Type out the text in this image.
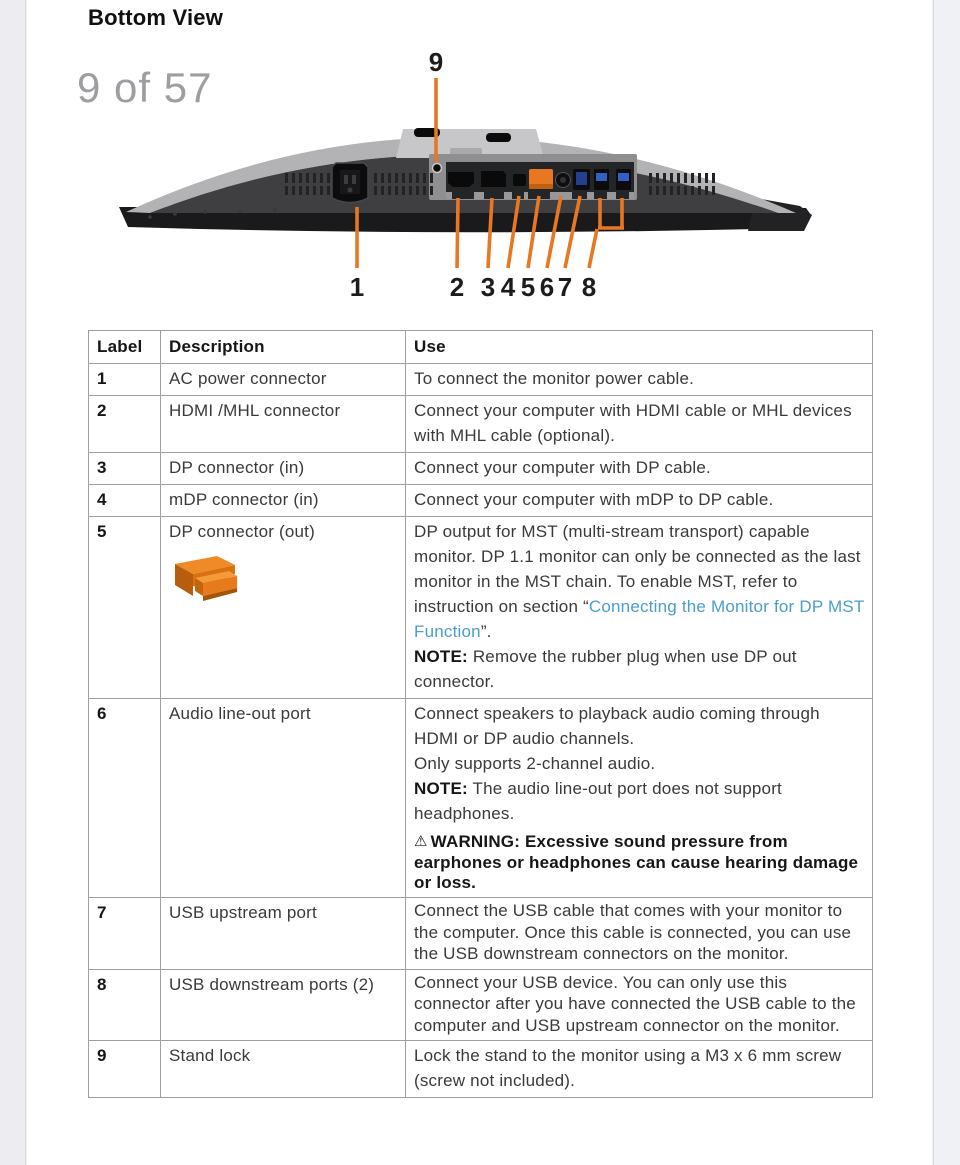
Bottom View
9 of 57
9
1	2 3 4 5 6 7 8
Label	Description	Use
1	AC power connector	To connect the monitor power cable.

2	HDMI /MHL connector	Connect your computer with HDMI cable or MHL devices with MHL cable (optional).

3	DP connector (in)	Connect your computer with DP cable.

4	mDP connector (in)	Connect your computer with mDP to DP cable.

5	DP connector (out)	DP output for MST (multi-stream transport) capable monitor. DP 1.1 monitor can only be connected as the last monitor in the MST chain. To enable MST, refer to instruction on section “Connecting the Monitor for DP MST Function”.

NOTE: Remove the rubber plug when use DP out connector.

6	Audio line-out port	Connect speakers to playback audio coming through HDMI or DP audio channels.

Only supports 2-channel audio.

NOTE: The audio line-out port does not support headphones.

⚠ WARNING: Excessive sound pressure from earphones or headphones can cause hearing damage or loss.

7	USB upstream port	Connect the USB cable that comes with your monitor to the computer. Once this cable is connected, you can use the USB downstream connectors on the monitor.

8	USB downstream ports (2)	Connect your USB device. You can only use this connector after you have connected the USB cable to the computer and USB upstream connector on the monitor.

9	Stand lock	Lock the stand to the monitor using a M3 x 6 mm screw (screw not included).
